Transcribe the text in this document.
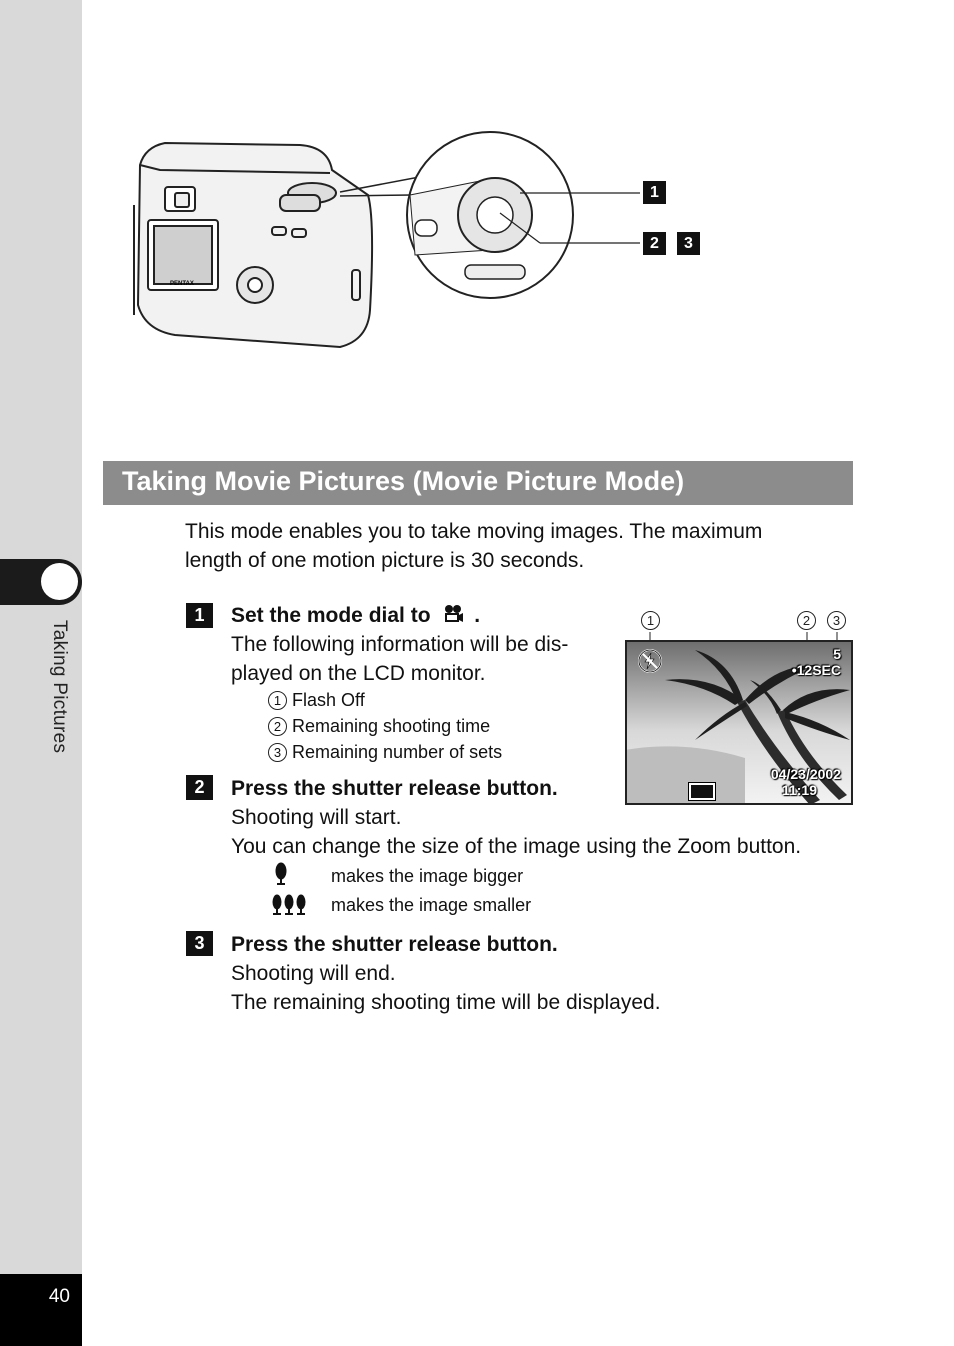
Taking Pictures
40
PENTAX
1
2	3
Taking Movie Pictures (Movie Picture Mode)
This mode enables you to take moving images. The maximum
length of one motion picture is 30 seconds.
1	Set the mode dial to .
The following information will be dis-
played on the LCD monitor.
1 Flash Off
2 Remaining shooting time
3 Remaining number of sets
1	2	3
5
•12SEC
04/23/2002
11:19
2	Press the shutter release button.
Shooting will start.
You can change the size of the image using the Zoom button.
makes the image bigger
makes the image smaller
3	Press the shutter release button.
Shooting will end.
The remaining shooting time will be displayed.
